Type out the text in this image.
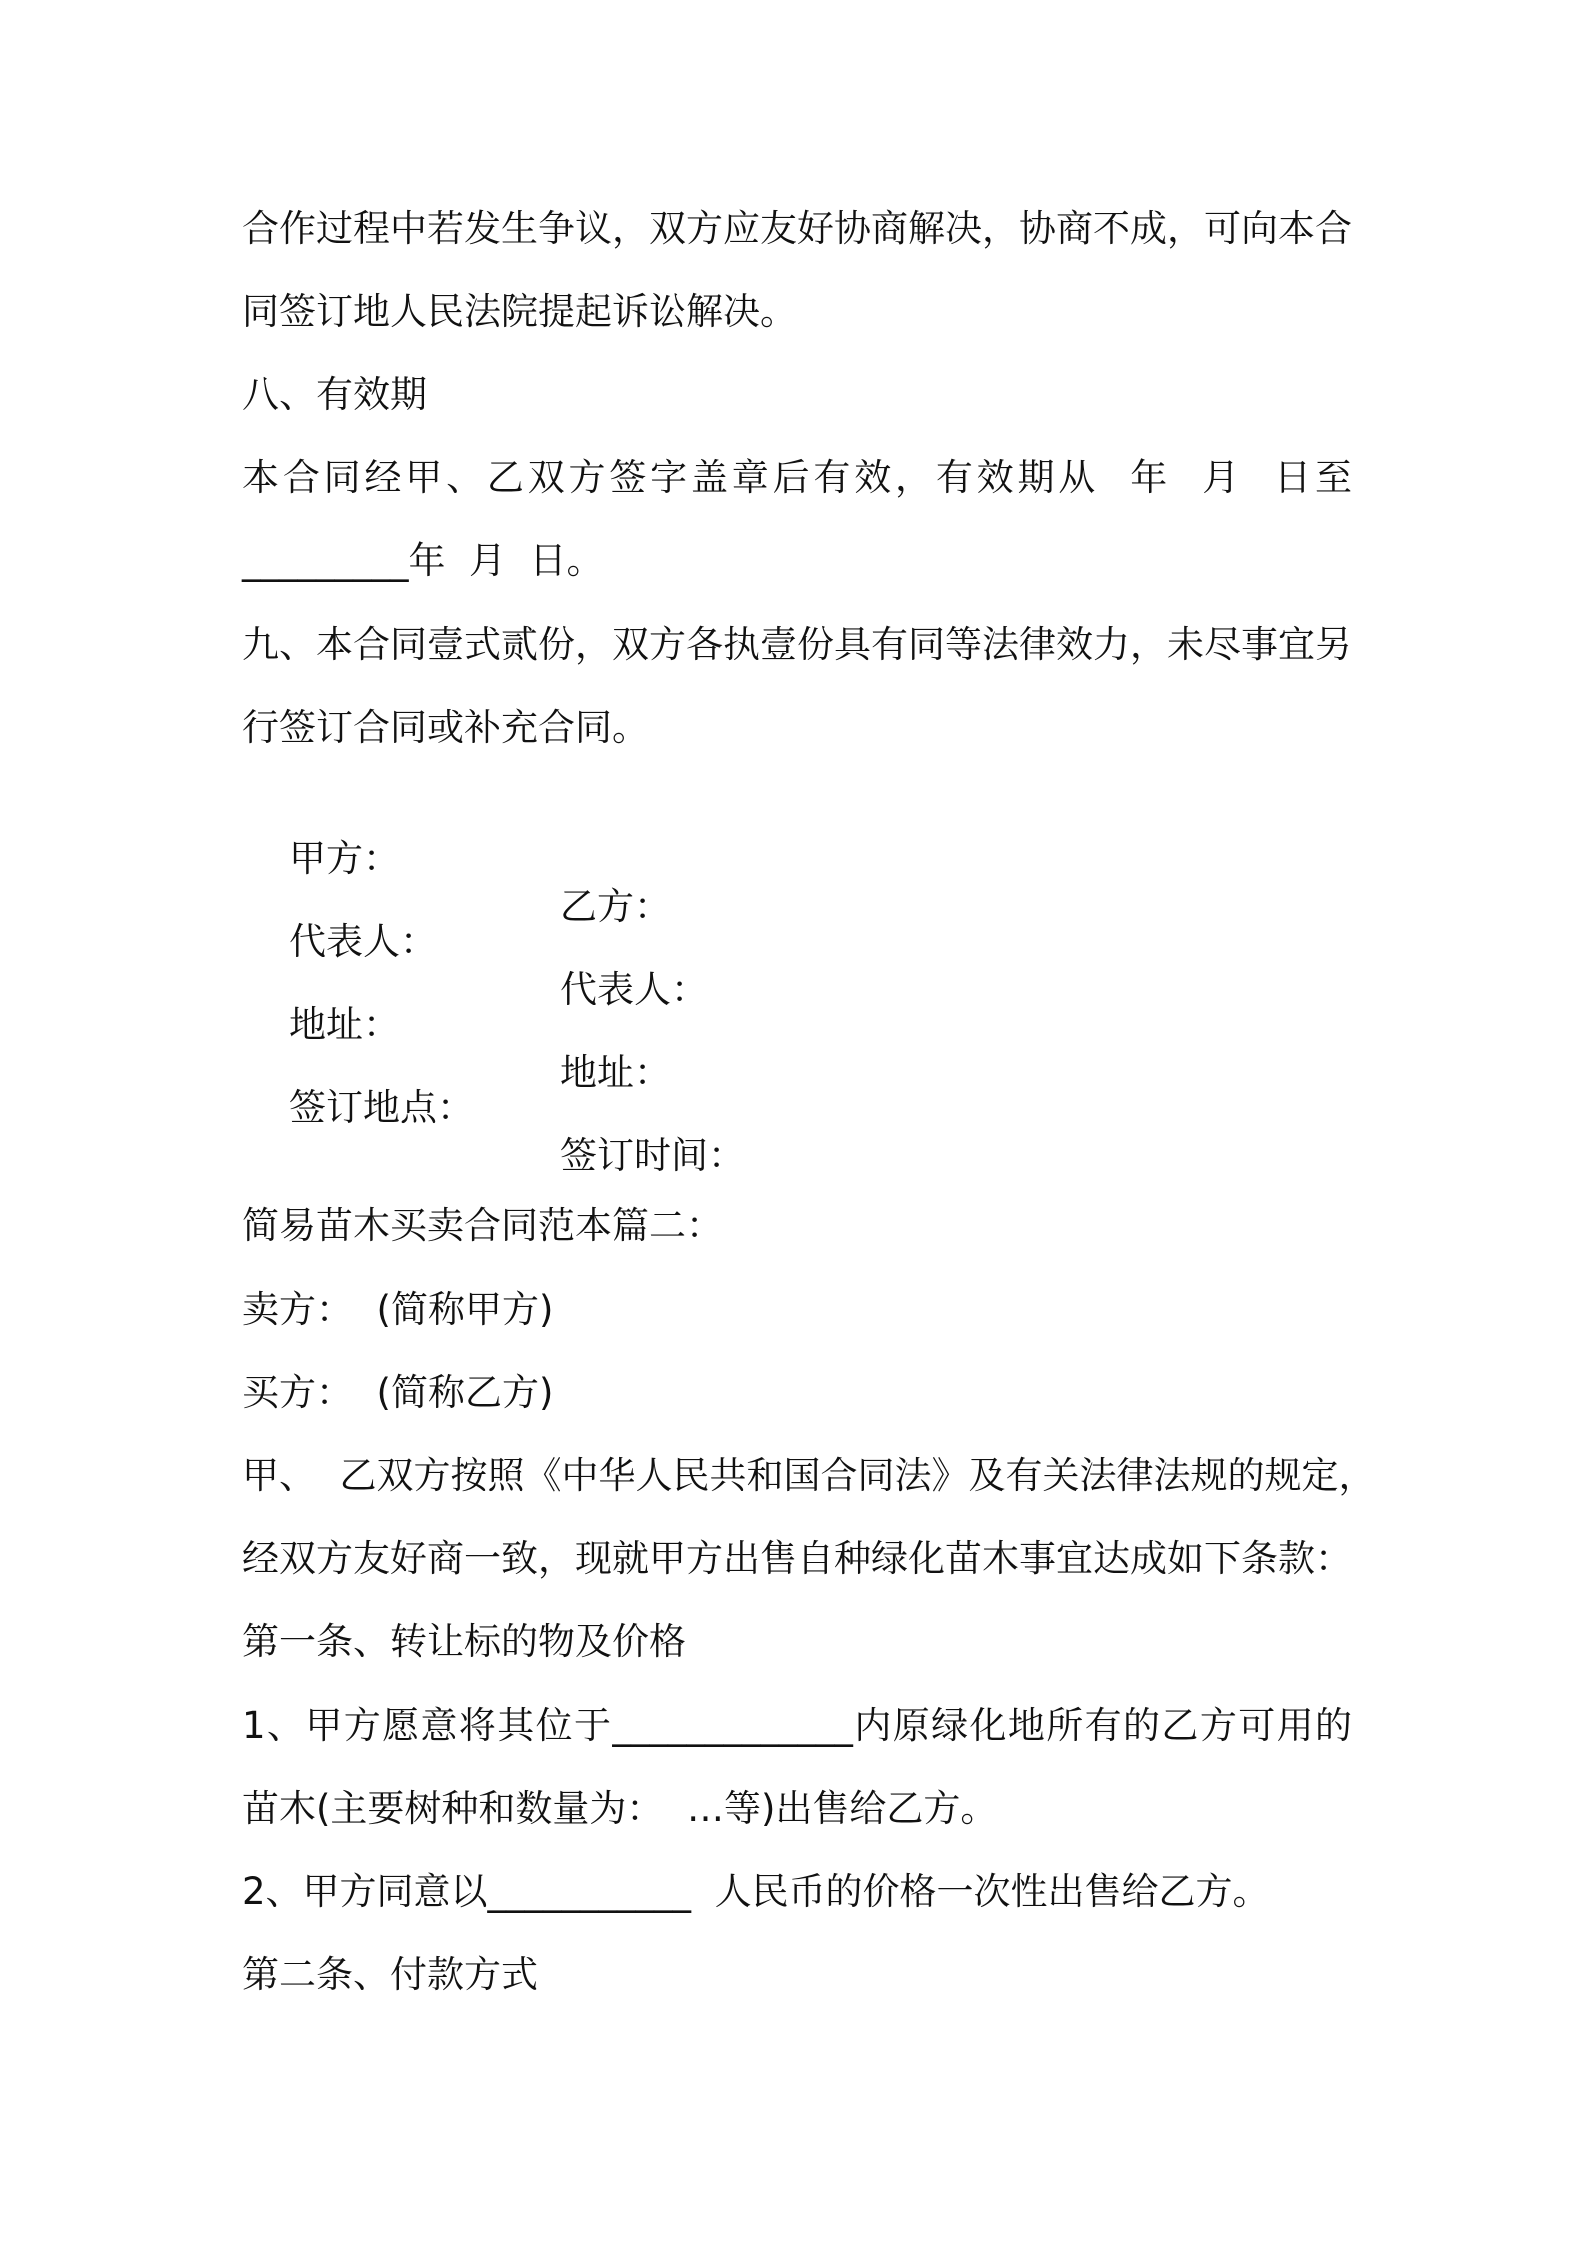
合作过程中若发生争议，双方应友好协商解决，协商不成，可向本合
同签订地人民法院提起诉讼解决。
八、有效期
本合同经甲、乙双方签字盖章后有效，有效期从  年  月  日至
_________年  月  日。
九、本合同壹式贰份，双方各执壹份具有同等法律效力，未尽事宜另
行签订合同或补充合同。

甲方：

乙方：

代表人：

代表人：

地址：

地址：

签订地点：

签订时间：

简易苗木买卖合同范本篇二：
卖方：  (简称甲方)
买方：  (简称乙方)
甲、  乙双方按照《中华人民共和国合同法》及有关法律法规的规定，
经双方友好商一致，现就甲方出售自种绿化苗木事宜达成如下条款：
第一条、转让标的物及价格
1、甲方愿意将其位于_____________内原绿化地所有的乙方可用的
苗木(主要树种和数量为：  …等)出售给乙方。
2、甲方同意以___________  人民币的价格一次性出售给乙方。
第二条、付款方式
